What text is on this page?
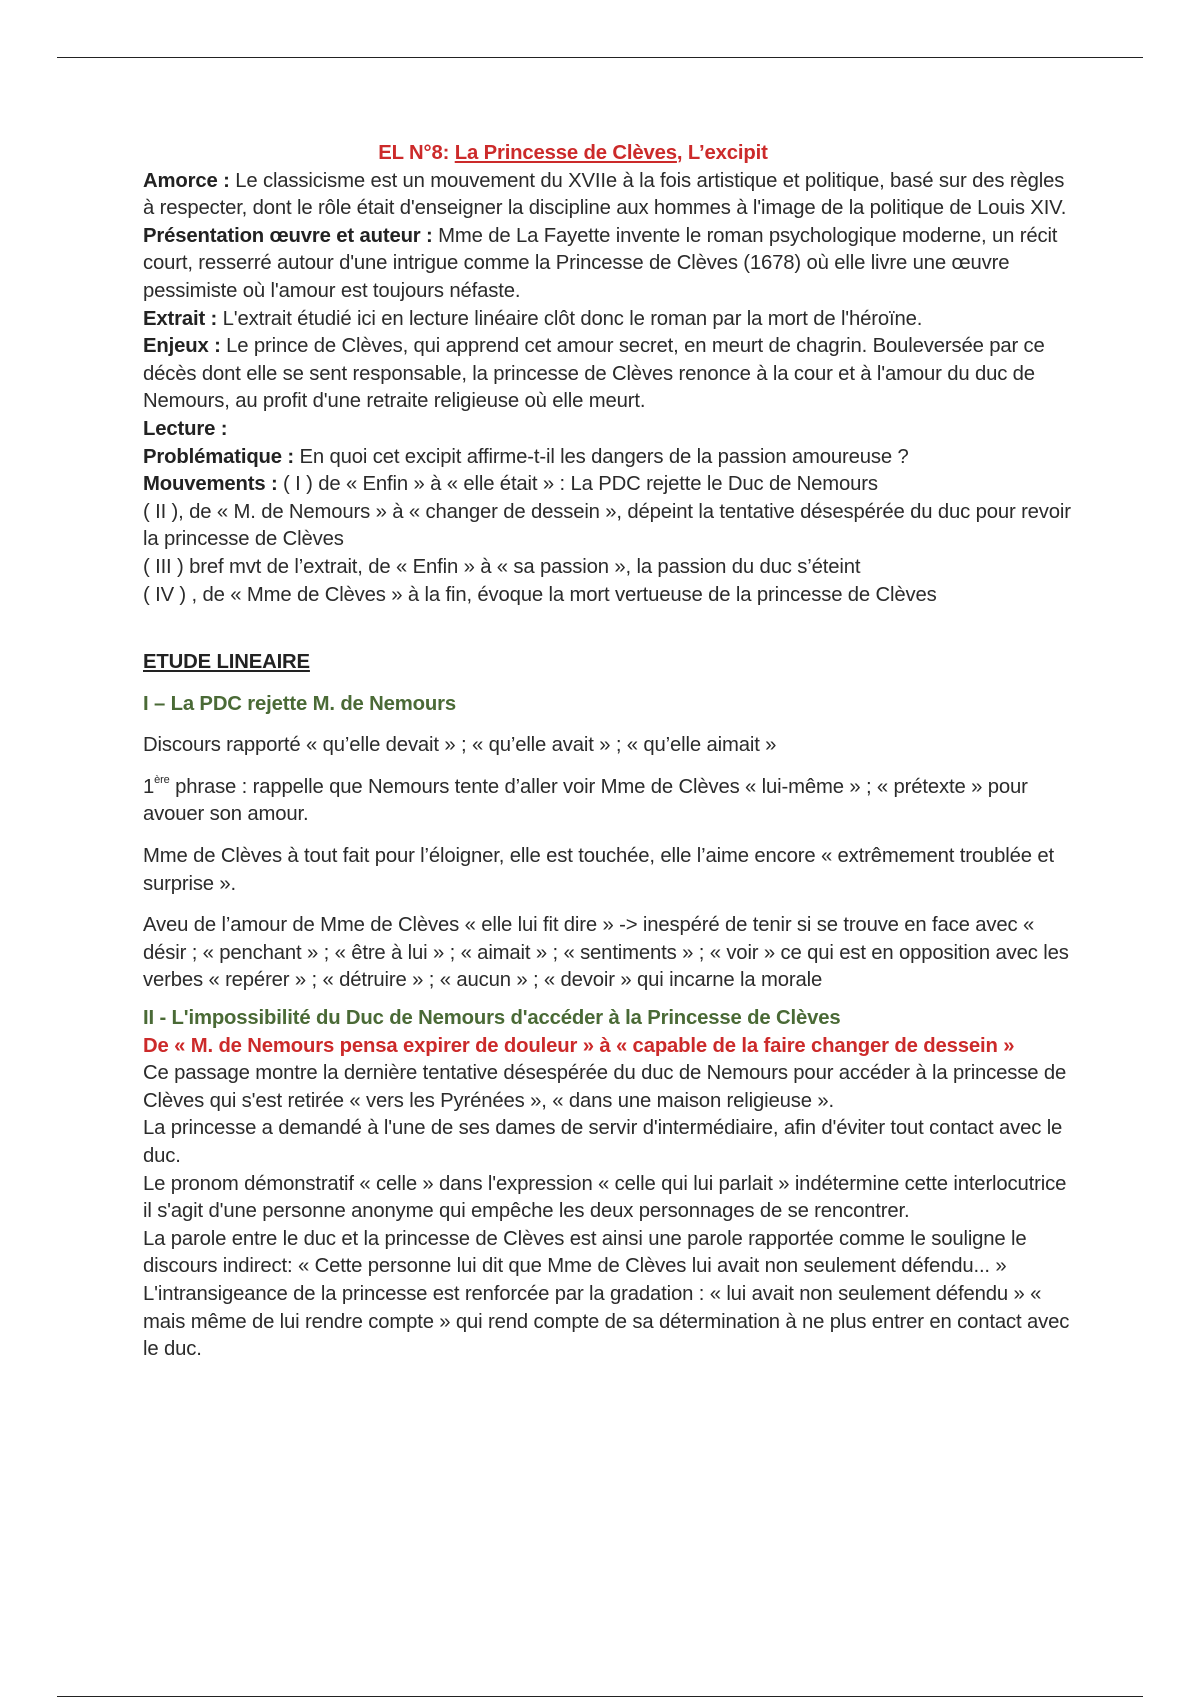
EL N°8: La Princesse de Clèves, L’excipit

Amorce : Le classicisme est un mouvement du XVIIe à la fois artistique et politique, basé sur des règles à respecter, dont le rôle était d'enseigner la discipline aux hommes à l'image de la politique de Louis XIV.

Présentation œuvre et auteur : Mme de La Fayette invente le roman psychologique moderne, un récit court, resserré autour d'une intrigue comme la Princesse de Clèves (1678) où elle livre une œuvre pessimiste où l'amour est toujours néfaste.

Extrait : L'extrait étudié ici en lecture linéaire clôt donc le roman par la mort de l'héroïne.

Enjeux : Le prince de Clèves, qui apprend cet amour secret, en meurt de chagrin. Bouleversée par ce décès dont elle se sent responsable, la princesse de Clèves renonce à la cour et à l'amour du duc de Nemours, au profit d'une retraite religieuse où elle meurt.

Lecture :

Problématique : En quoi cet excipit affirme-t-il les dangers de la passion amoureuse ?

Mouvements : ( I ) de « Enfin » à « elle était » : La PDC rejette le Duc de Nemours

( II ), de « M. de Nemours » à « changer de dessein », dépeint la tentative désespérée du duc pour revoir la princesse de Clèves

( III ) bref mvt de l’extrait, de « Enfin » à « sa passion », la passion du duc s’éteint

( IV ) , de « Mme de Clèves » à la fin, évoque la mort vertueuse de la princesse de Clèves

ETUDE LINEAIRE

I – La PDC rejette M. de Nemours

Discours rapporté « qu’elle devait » ; « qu’elle avait » ; « qu’elle aimait »

1ère phrase : rappelle que Nemours tente d’aller voir Mme de Clèves « lui-même » ; « prétexte » pour avouer son amour.

Mme de Clèves à tout fait pour l’éloigner, elle est touchée, elle l’aime encore « extrêmement troublée et surprise ».

Aveu de l’amour de Mme de Clèves « elle lui fit dire » -> inespéré de tenir si se trouve en face avec « désir ; « penchant » ; « être à lui » ; « aimait » ; « sentiments » ; « voir » ce qui est en opposition avec les verbes « repérer » ; « détruire » ; « aucun » ; « devoir » qui incarne la morale

II - L'impossibilité du Duc de Nemours d'accéder à la Princesse de Clèves

De « M. de Nemours pensa expirer de douleur » à « capable de la faire changer de dessein »

Ce passage montre la dernière tentative désespérée du duc de Nemours pour accéder à la princesse de Clèves qui s'est retirée « vers les Pyrénées », « dans une maison religieuse ».

La princesse a demandé à l'une de ses dames de servir d'intermédiaire, afin d'éviter tout contact avec le duc.

Le pronom démonstratif « celle » dans l'expression « celle qui lui parlait » indétermine cette interlocutrice il s'agit d'une personne anonyme qui empêche les deux personnages de se rencontrer.

La parole entre le duc et la princesse de Clèves est ainsi une parole rapportée comme le souligne le discours indirect: « Cette personne lui dit que Mme de Clèves lui avait non seulement défendu... »

L'intransigeance de la princesse est renforcée par la gradation : « lui avait non seulement défendu » « mais même de lui rendre compte » qui rend compte de sa détermination à ne plus entrer en contact avec le duc.
